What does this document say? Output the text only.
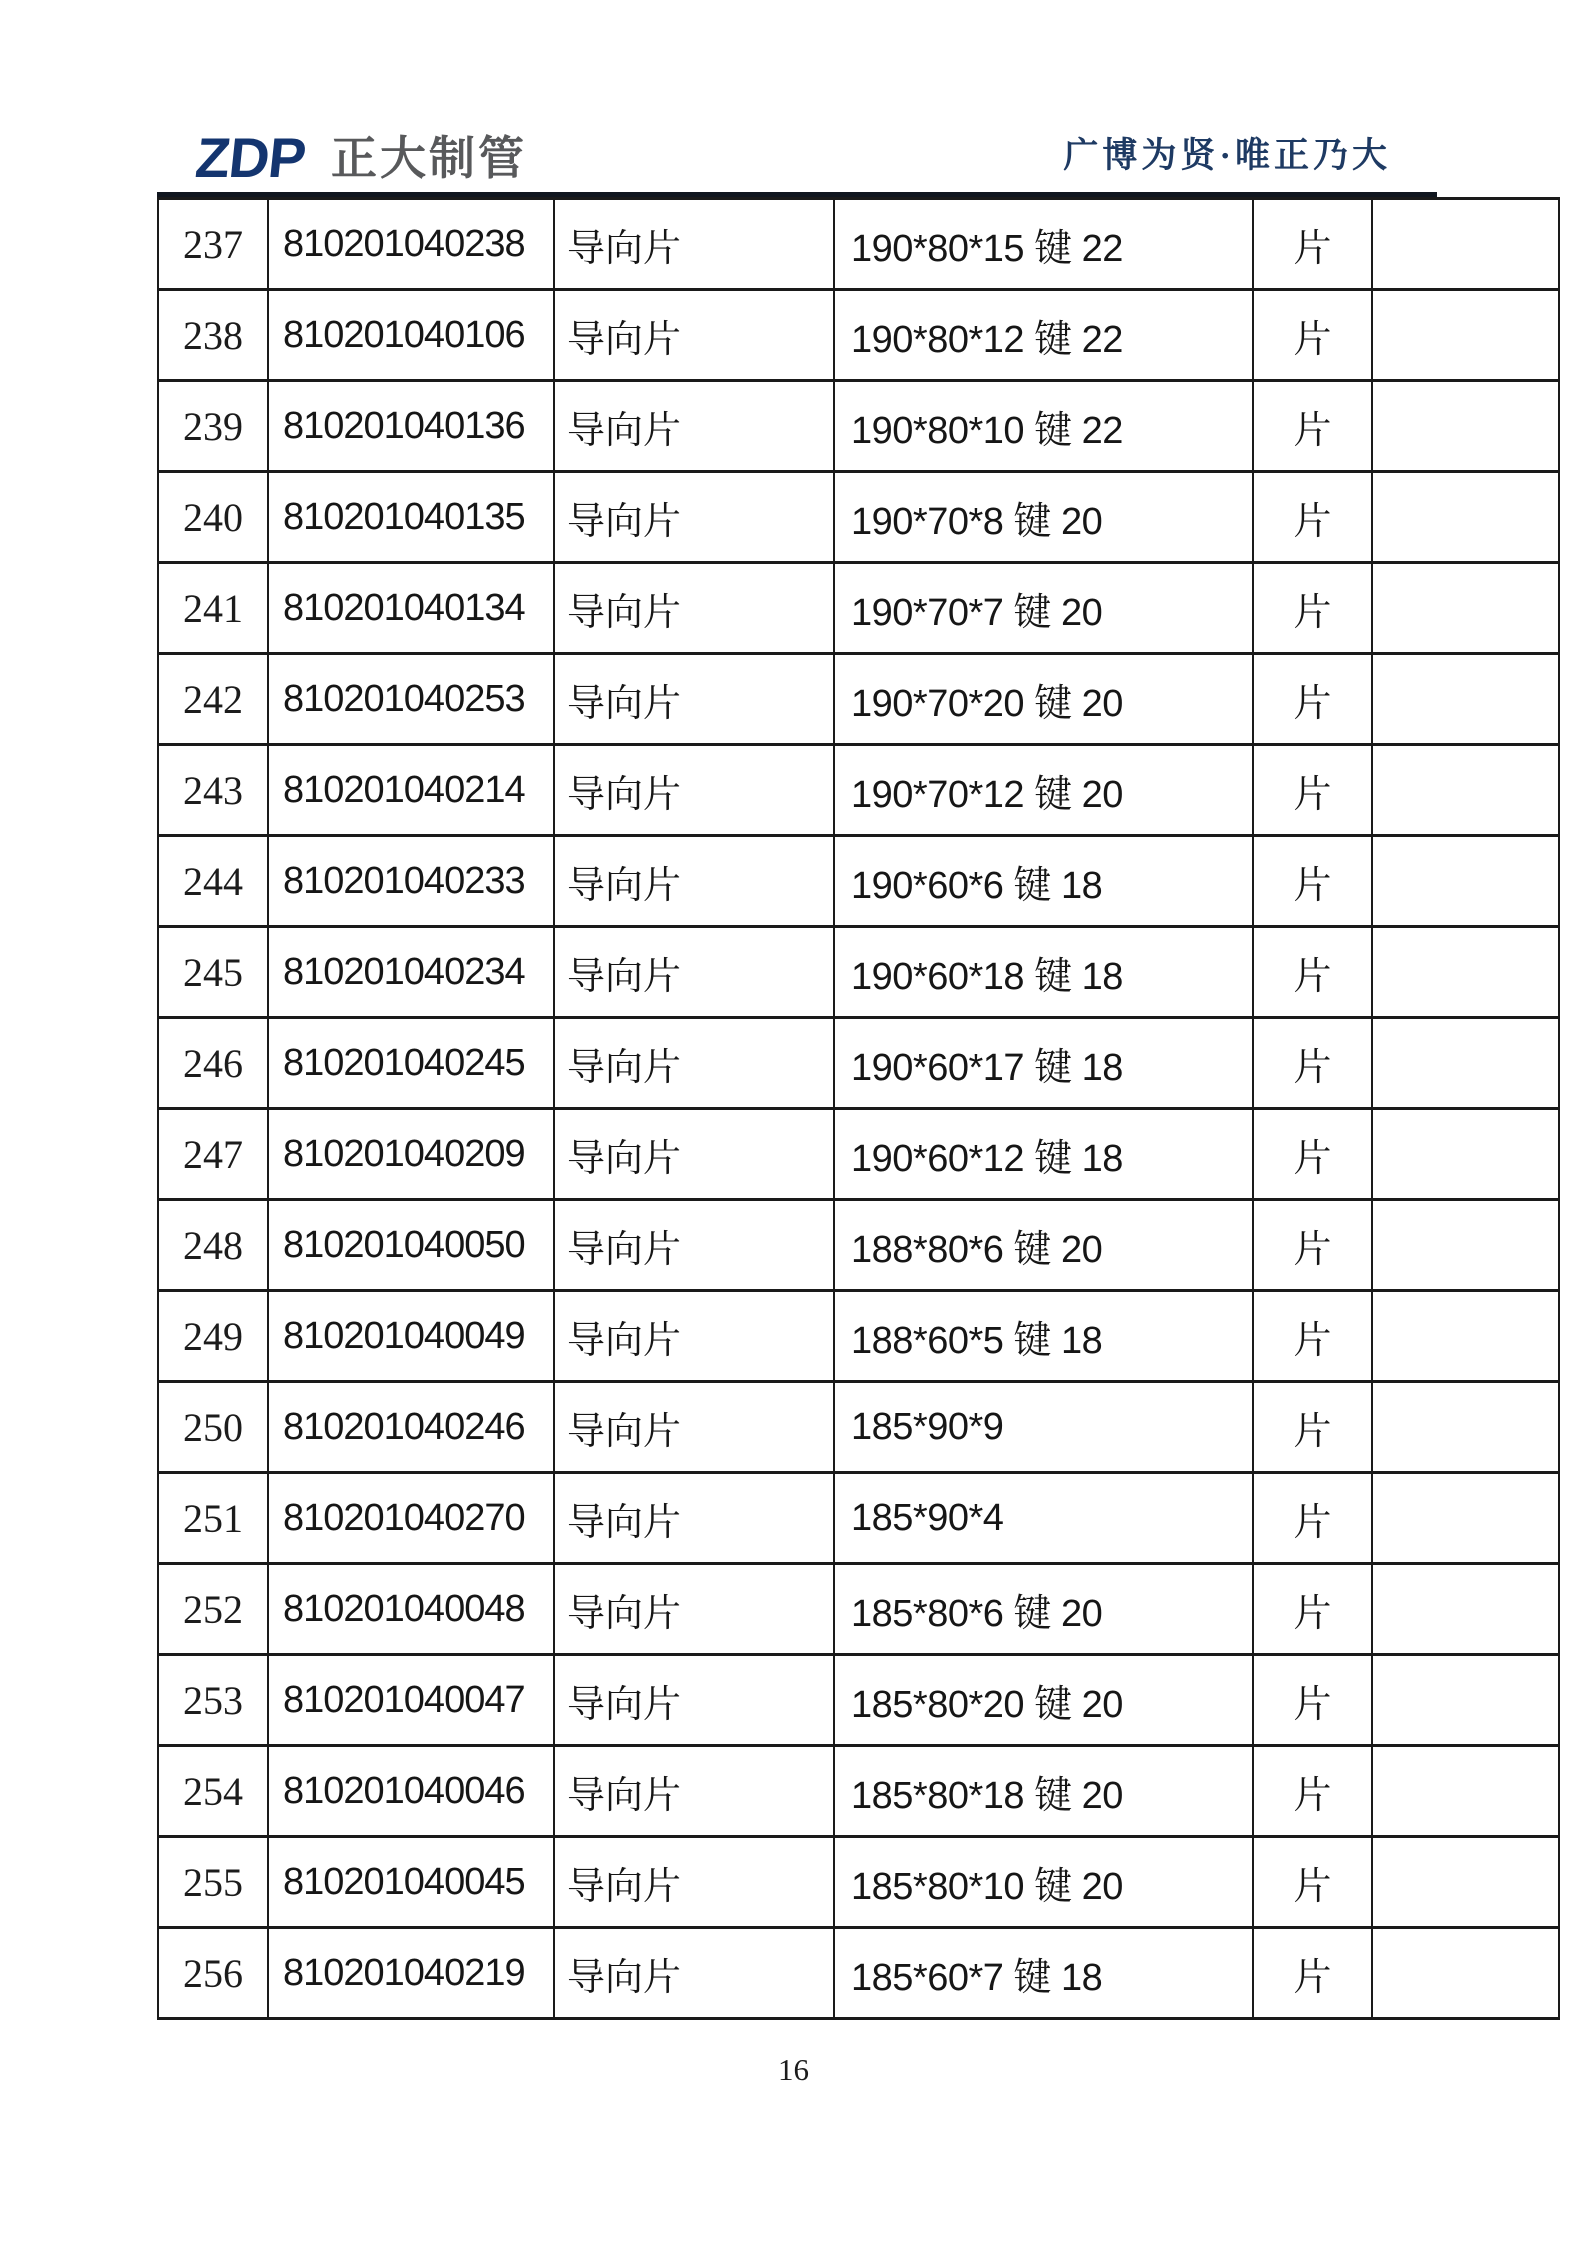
ZDP 正大制管	广博为贤·唯正乃大
237	810201040238	导向片	190*80*15 键 22	片	
238	810201040106	导向片	190*80*12 键 22	片	
239	810201040136	导向片	190*80*10 键 22	片	
240	810201040135	导向片	190*70*8 键 20	片	
241	810201040134	导向片	190*70*7 键 20	片	
242	810201040253	导向片	190*70*20 键 20	片	
243	810201040214	导向片	190*70*12 键 20	片	
244	810201040233	导向片	190*60*6 键 18	片	
245	810201040234	导向片	190*60*18 键 18	片	
246	810201040245	导向片	190*60*17 键 18	片	
247	810201040209	导向片	190*60*12 键 18	片	
248	810201040050	导向片	188*80*6 键 20	片	
249	810201040049	导向片	188*60*5 键 18	片	
250	810201040246	导向片	185*90*9	片	
251	810201040270	导向片	185*90*4	片	
252	810201040048	导向片	185*80*6 键 20	片	
253	810201040047	导向片	185*80*20 键 20	片	
254	810201040046	导向片	185*80*18 键 20	片	
255	810201040045	导向片	185*80*10 键 20	片	
256	810201040219	导向片	185*60*7 键 18	片	
16
